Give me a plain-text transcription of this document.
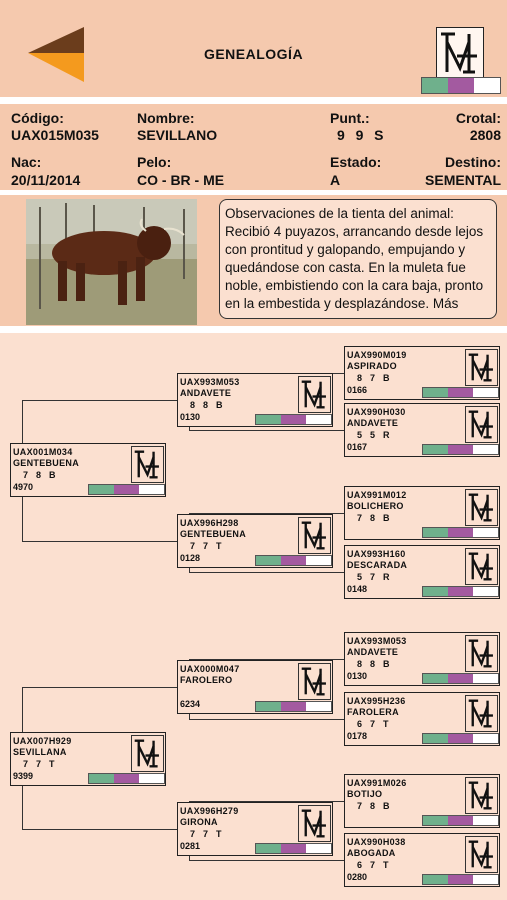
GENEALOGÍA
Código:
UAX015M035
Nombre:
SEVILLANO
Punt.:
9  9  S
Crotal:
2808
Nac:
20/11/2014
Pelo:
CO - BR - ME
Estado:
A
Destino:
SEMENTAL
Observaciones de la tienta del animal: Recibió 4 puyazos, arrancando desde lejos con prontitud y galopando, empujando y quedándose con casta. En la muleta fue noble, embistiendo con la cara baja, pronto en la embestida y desplazándose. Más
UAX001M034
GENTEBUENA
7  8  B
4970
UAX007H929
SEVILLANA
7  7  T
9399
UAX993M053
ANDAVETE
8  8  B
0130
UAX996H298
GENTEBUENA
7  7  T
0128
UAX000M047
FAROLERO
6234
UAX996H279
GIRONA
7  7  T
0281
UAX990M019
ASPIRADO
8  7  B
0166
UAX990H030
ANDAVETE
5  5  R
0167
UAX991M012
BOLICHERO
7  8  B
UAX993H160
DESCARADA
5  7  R
0148
UAX993M053
ANDAVETE
8  8  B
0130
UAX995H236
FAROLERA
6  7  T
0178
UAX991M026
BOTIJO
7  8  B
UAX990H038
ABOGADA
6  7  T
0280
